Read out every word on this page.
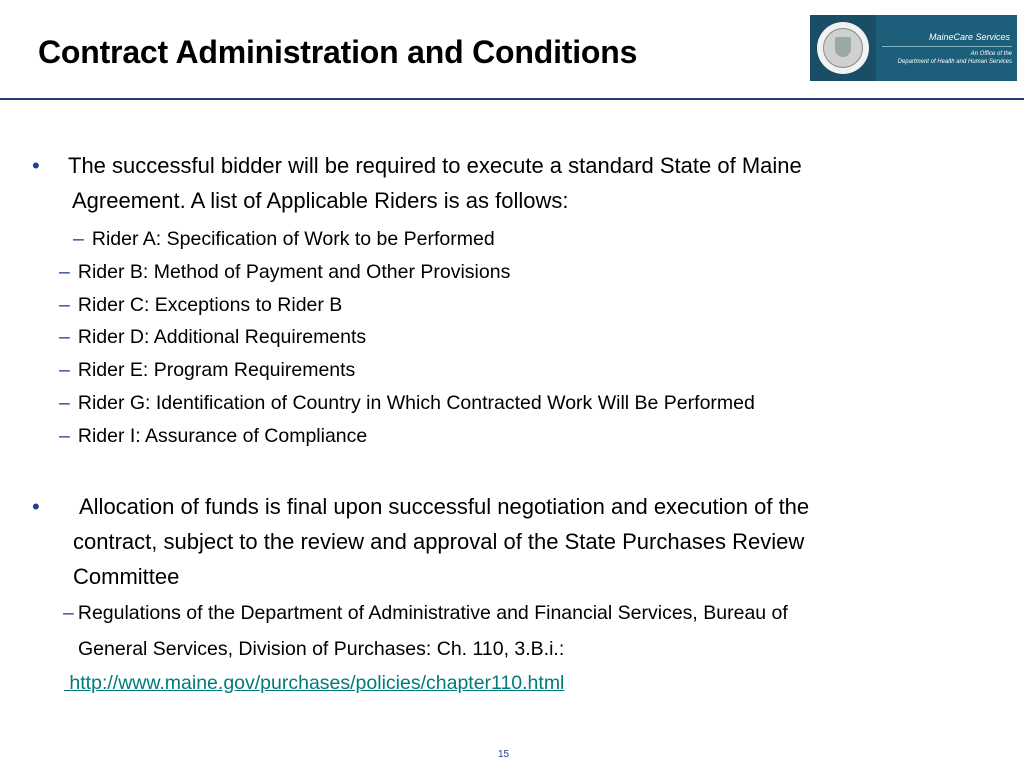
Contract Administration and Conditions	MaineCare Services
An Office of the
Department of Health and Human Services
• The successful bidder will be required to execute a standard State of Maine
Agreement. A list of Applicable Riders is as follows:
– Rider A: Specification of Work to be Performed
– Rider B: Method of Payment and Other Provisions
– Rider C: Exceptions to Rider B
– Rider D: Additional Requirements
– Rider E: Program Requirements
– Rider G: Identification of Country in Which Contracted Work Will Be Performed
– Rider I: Assurance of Compliance
• Allocation of funds is final upon successful negotiation and execution of the
contract, subject to the review and approval of the State Purchases Review
Committee
– Regulations of the Department of Administrative and Financial Services, Bureau of
General Services, Division of Purchases: Ch. 110, 3.B.i.:
http://www.maine.gov/purchases/policies/chapter110.html
15
